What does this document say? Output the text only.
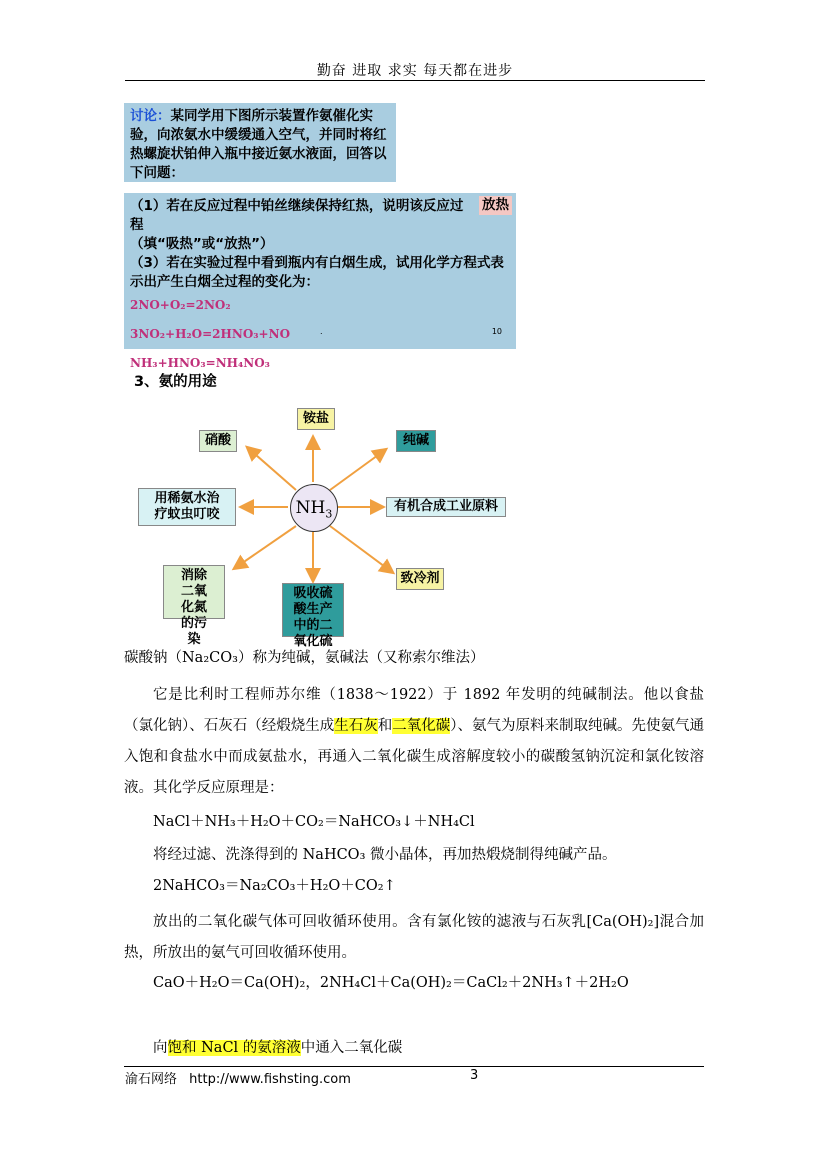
勤奋 进取 求实 每天都在进步
讨论：某同学用下图所示装置作氨催化实验，向浓氨水中缓缓通入空气，并同时将红热螺旋状铂伸入瓶中接近氨水液面，回答以下问题：
放热
（1）若在反应过程中铂丝继续保持红热，说明该反应过程
（填“吸热”或“放热”）
（3）若在实验过程中看到瓶内有白烟生成，试用化学方程式表示出产生白烟全过程的变化为：
2NO+O₂=2NO₂
3NO₂+H₂O=2HNO₃+NO
NH₃+HNO₃=NH₄NO₃
.	10
3、氨的用途
$NH_3$
铵盐
硝酸	纯碱
用稀氨水治疗蚊虫叮咬
有机合成工业原料
致冷剂
消除二氧化氮的污染
吸收硫酸生产中的二氧化硫
碳酸钠（Na₂CO₃）称为纯碱，氨碱法（又称索尔维法）
它是比利时工程师苏尔维（1838～1922）于 1892 年发明的纯碱制法。他以食盐（氯化钠）、石灰石（经煅烧生成生石灰和二氧化碳）、氨气为原料来制取纯碱。先使氨气通入饱和食盐水中而成氨盐水，再通入二氧化碳生成溶解度较小的碳酸氢钠沉淀和氯化铵溶液。其化学反应原理是：
NaCl＋NH₃＋H₂O＋CO₂＝NaHCO₃↓＋NH₄Cl
将经过滤、洗涤得到的 NaHCO₃ 微小晶体，再加热煅烧制得纯碱产品。
2NaHCO₃＝Na₂CO₃＋H₂O＋CO₂↑
放出的二氧化碳气体可回收循环使用。含有氯化铵的滤液与石灰乳[Ca(OH)₂]混合加热，所放出的氨气可回收循环使用。
CaO＋H₂O＝Ca(OH)₂，2NH₄Cl＋Ca(OH)₂＝CaCl₂＋2NH₃↑＋2H₂O
向饱和 NaCl 的氨溶液中通入二氧化碳
渝石网络 http://www.fishsting.com	3
